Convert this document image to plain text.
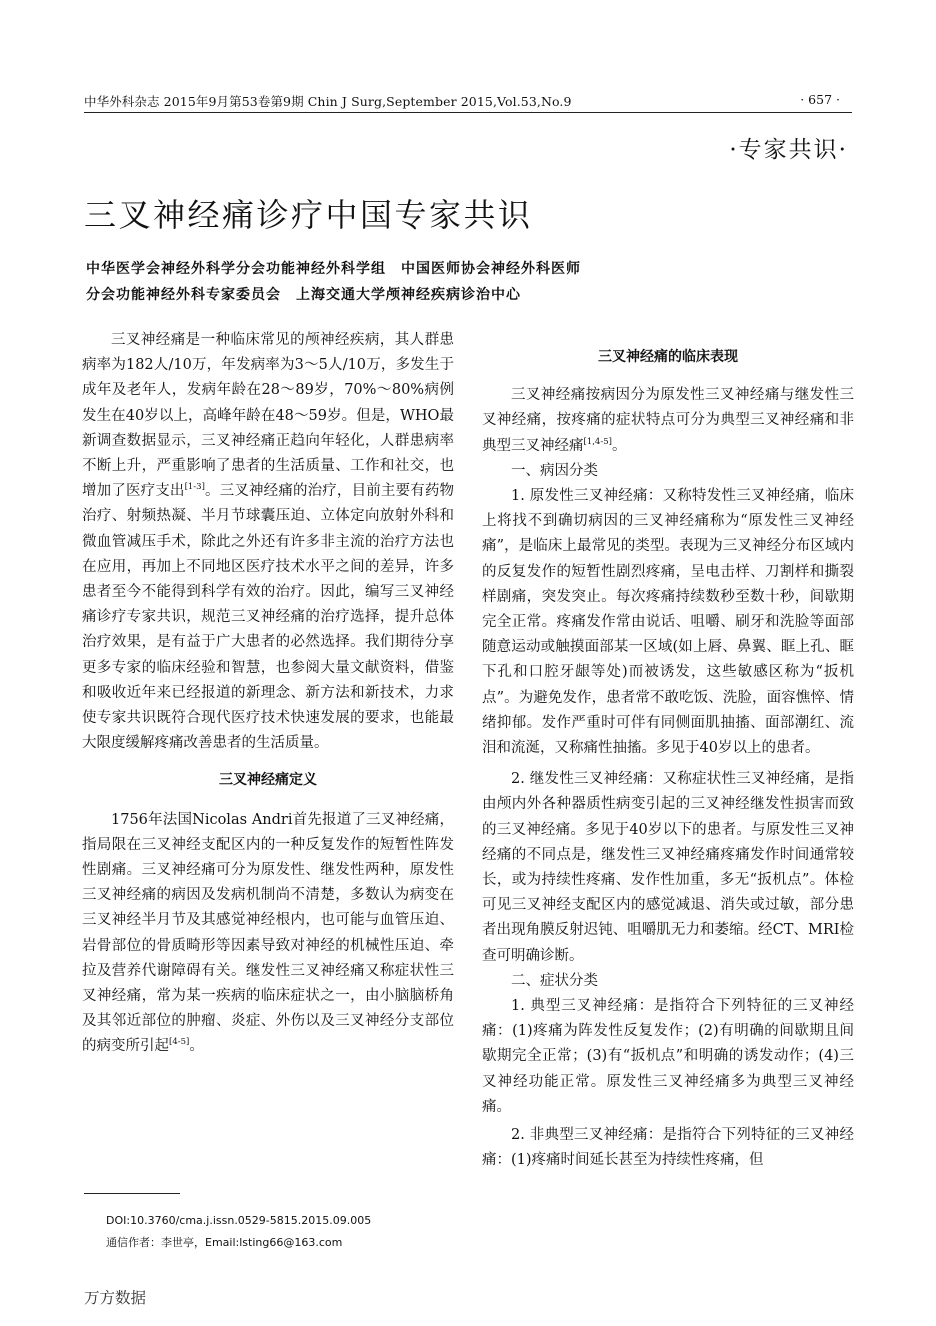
中华外科杂志 2015年9月第53卷第9期 Chin J Surg,September 2015,Vol.53,No.9	· 657 ·
·专家共识·
三叉神经痛诊疗中国专家共识
中华医学会神经外科学分会功能神经外科学组　中国医师协会神经外科医师
分会功能神经外科专家委员会　上海交通大学颅神经疾病诊治中心

三叉神经痛是一种临床常见的颅神经疾病，其人群患病率为182人/10万，年发病率为3～5人/10万，多发生于成年及老年人，发病年龄在28～89岁，70%～80%病例发生在40岁以上，高峰年龄在48～59岁。但是，WHO最新调查数据显示，三叉神经痛正趋向年轻化，人群患病率不断上升，严重影响了患者的生活质量、工作和社交，也增加了医疗支出[1-3]。三叉神经痛的治疗，目前主要有药物治疗、射频热凝、半月节球囊压迫、立体定向放射外科和微血管减压手术，除此之外还有许多非主流的治疗方法也在应用，再加上不同地区医疗技术水平之间的差异，许多患者至今不能得到科学有效的治疗。因此，编写三叉神经痛诊疗专家共识，规范三叉神经痛的治疗选择，提升总体治疗效果，是有益于广大患者的必然选择。我们期待分享更多专家的临床经验和智慧，也参阅大量文献资料，借鉴和吸收近年来已经报道的新理念、新方法和新技术，力求使专家共识既符合现代医疗技术快速发展的要求，也能最大限度缓解疼痛改善患者的生活质量。

三叉神经痛定义

1756年法国Nicolas Andri首先报道了三叉神经痛，指局限在三叉神经支配区内的一种反复发作的短暂性阵发性剧痛。三叉神经痛可分为原发性、继发性两种，原发性三叉神经痛的病因及发病机制尚不清楚，多数认为病变在三叉神经半月节及其感觉神经根内，也可能与血管压迫、岩骨部位的骨质畸形等因素导致对神经的机械性压迫、牵拉及营养代谢障碍有关。继发性三叉神经痛又称症状性三叉神经痛，常为某一疾病的临床症状之一，由小脑脑桥角及其邻近部位的肿瘤、炎症、外伤以及三叉神经分支部位的病变所引起[4-5]。

三叉神经痛的临床表现

三叉神经痛按病因分为原发性三叉神经痛与继发性三叉神经痛，按疼痛的症状特点可分为典型三叉神经痛和非典型三叉神经痛[1,4-5]。

一、病因分类

1. 原发性三叉神经痛：又称特发性三叉神经痛，临床上将找不到确切病因的三叉神经痛称为“原发性三叉神经痛”，是临床上最常见的类型。表现为三叉神经分布区域内的反复发作的短暂性剧烈疼痛，呈电击样、刀割样和撕裂样剧痛，突发突止。每次疼痛持续数秒至数十秒，间歇期完全正常。疼痛发作常由说话、咀嚼、刷牙和洗脸等面部随意运动或触摸面部某一区域(如上唇、鼻翼、眶上孔、眶下孔和口腔牙龈等处)而被诱发，这些敏感区称为“扳机点”。为避免发作，患者常不敢吃饭、洗脸，面容憔悴、情绪抑郁。发作严重时可伴有同侧面肌抽搐、面部潮红、流泪和流涎，又称痛性抽搐。多见于40岁以上的患者。

2. 继发性三叉神经痛：又称症状性三叉神经痛，是指由颅内外各种器质性病变引起的三叉神经继发性损害而致的三叉神经痛。多见于40岁以下的患者。与原发性三叉神经痛的不同点是，继发性三叉神经痛疼痛发作时间通常较长，或为持续性疼痛、发作性加重，多无“扳机点”。体检可见三叉神经支配区内的感觉减退、消失或过敏，部分患者出现角膜反射迟钝、咀嚼肌无力和萎缩。经CT、MRI检查可明确诊断。

二、症状分类

1. 典型三叉神经痛：是指符合下列特征的三叉神经痛：(1)疼痛为阵发性反复发作；(2)有明确的间歇期且间歇期完全正常；(3)有“扳机点”和明确的诱发动作；(4)三叉神经功能正常。原发性三叉神经痛多为典型三叉神经痛。

2. 非典型三叉神经痛：是指符合下列特征的三叉神经痛：(1)疼痛时间延长甚至为持续性疼痛，但

DOI:10.3760/cma.j.issn.0529-5815.2015.09.005
通信作者：李世亭，Email:lsting66@163.com
万方数据
